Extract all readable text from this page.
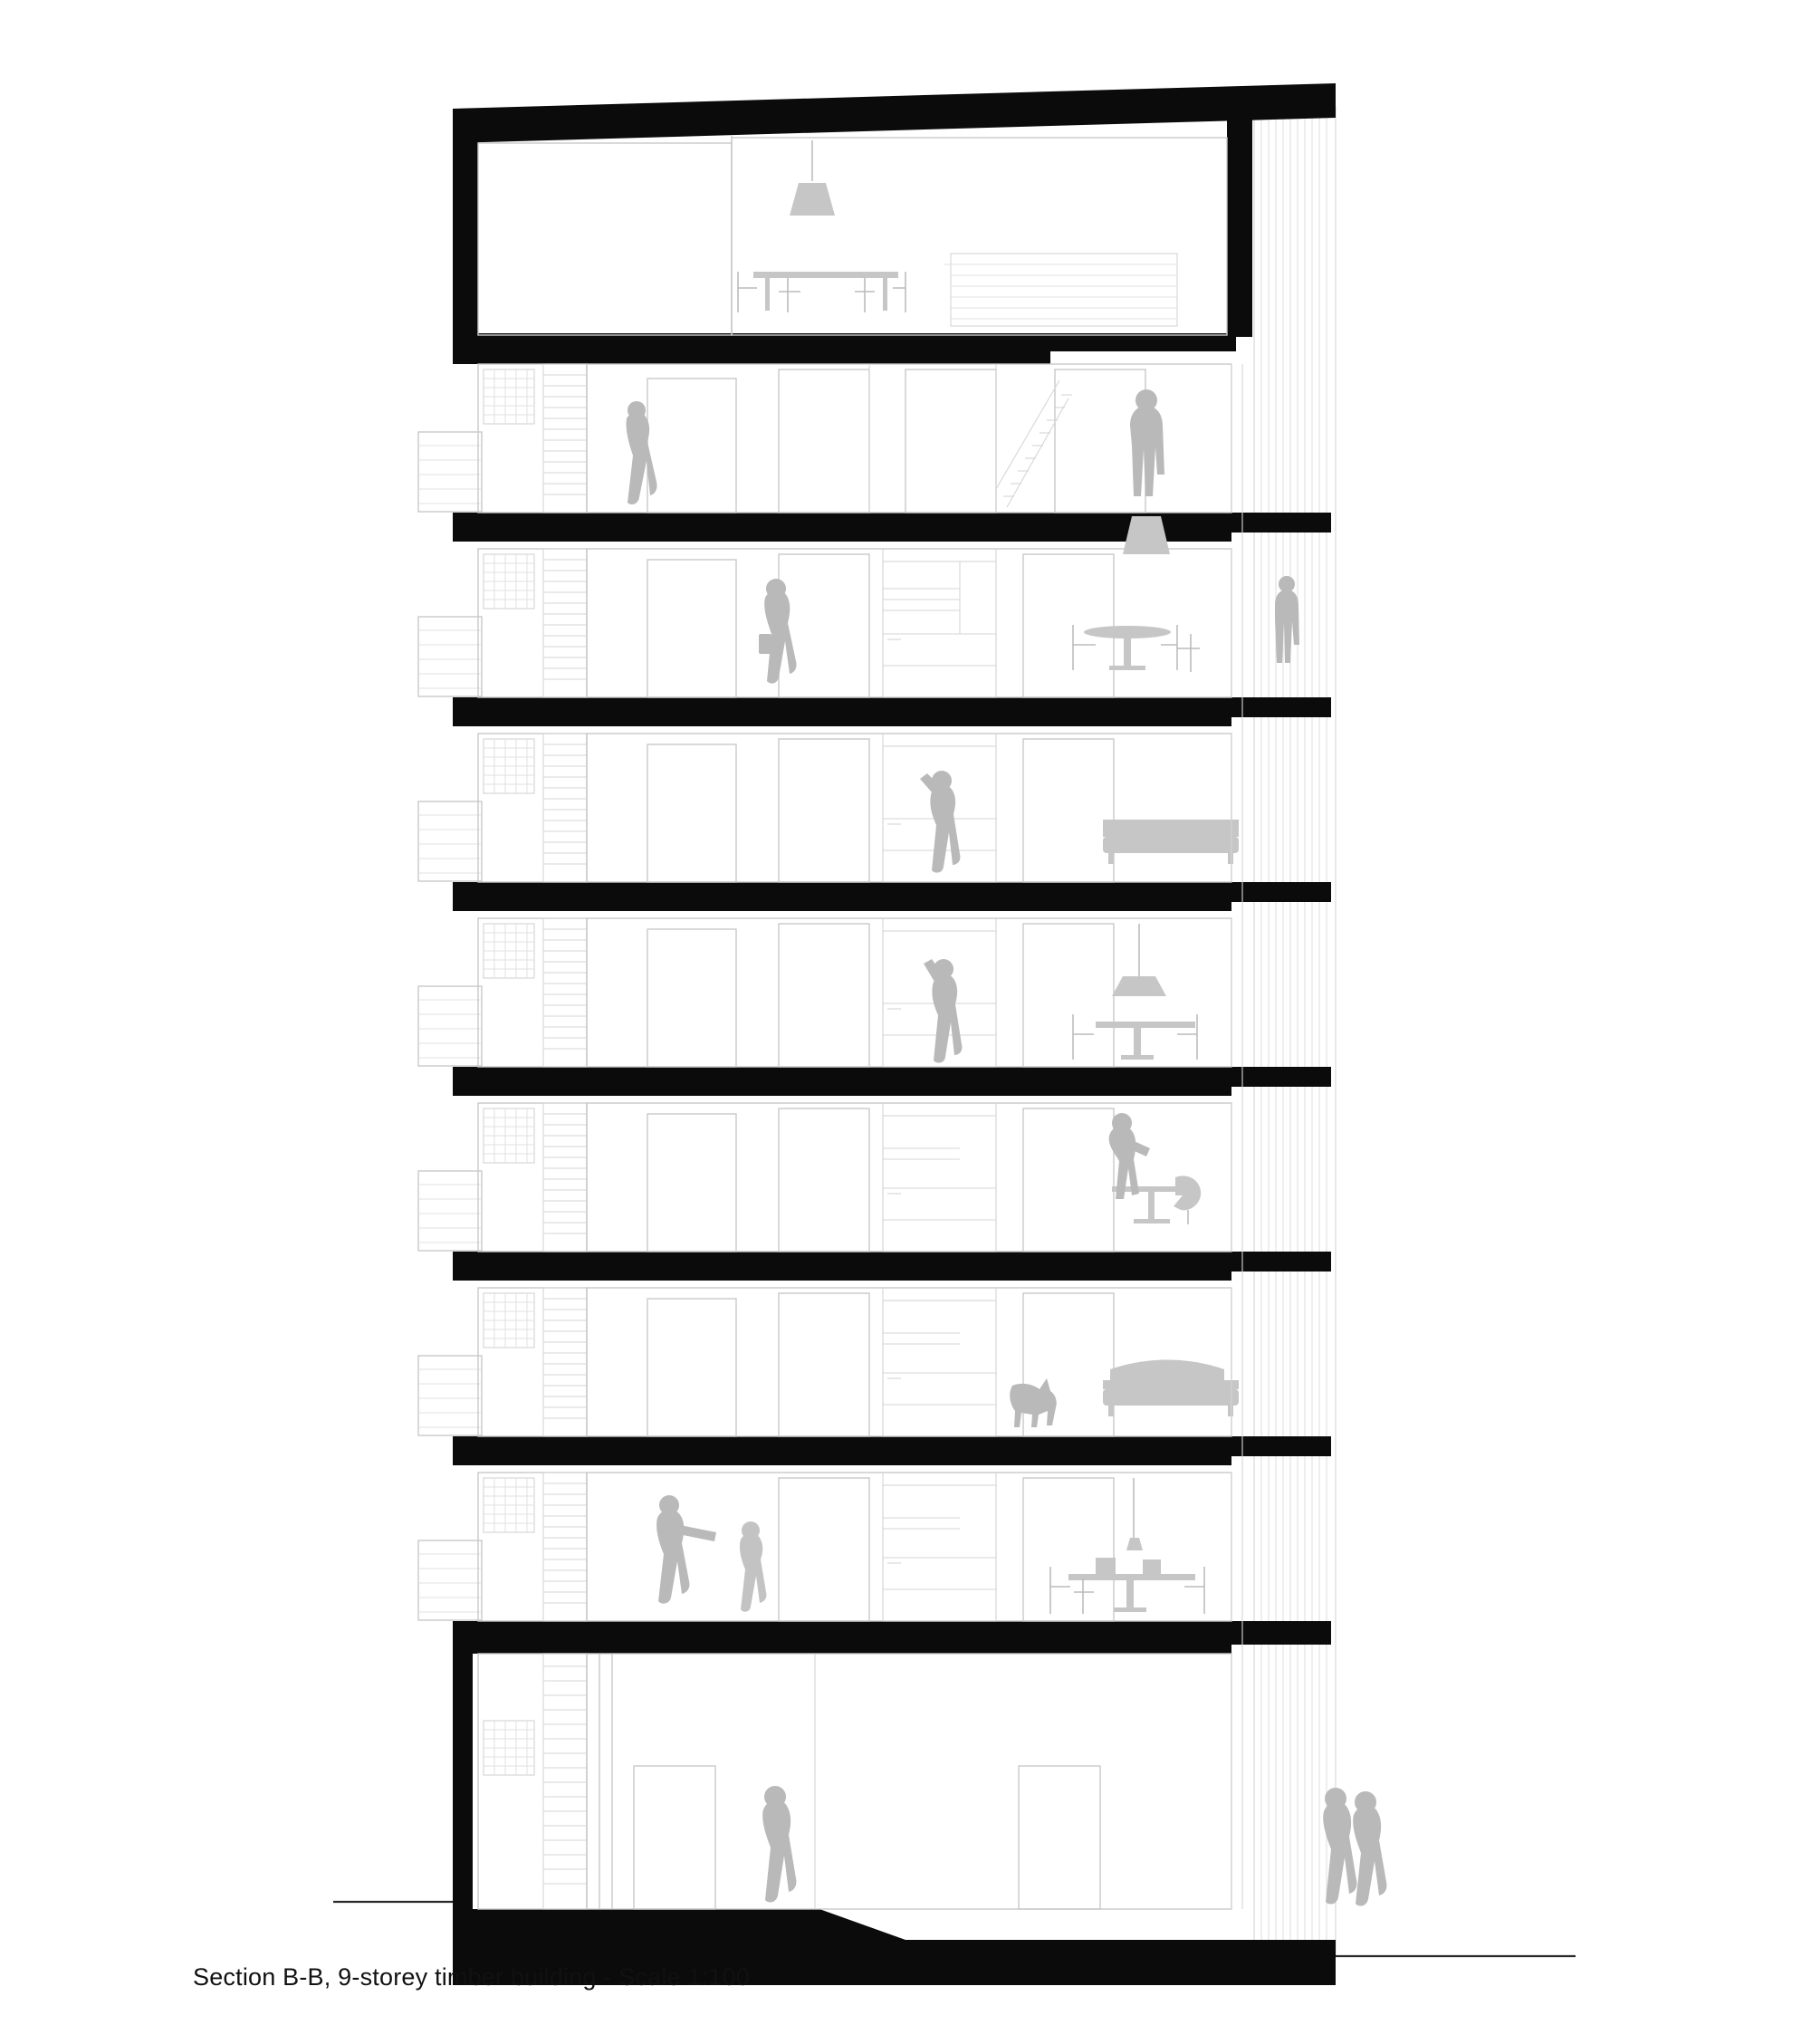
Section B-B, 9-storey timber building - Scale 1:100
